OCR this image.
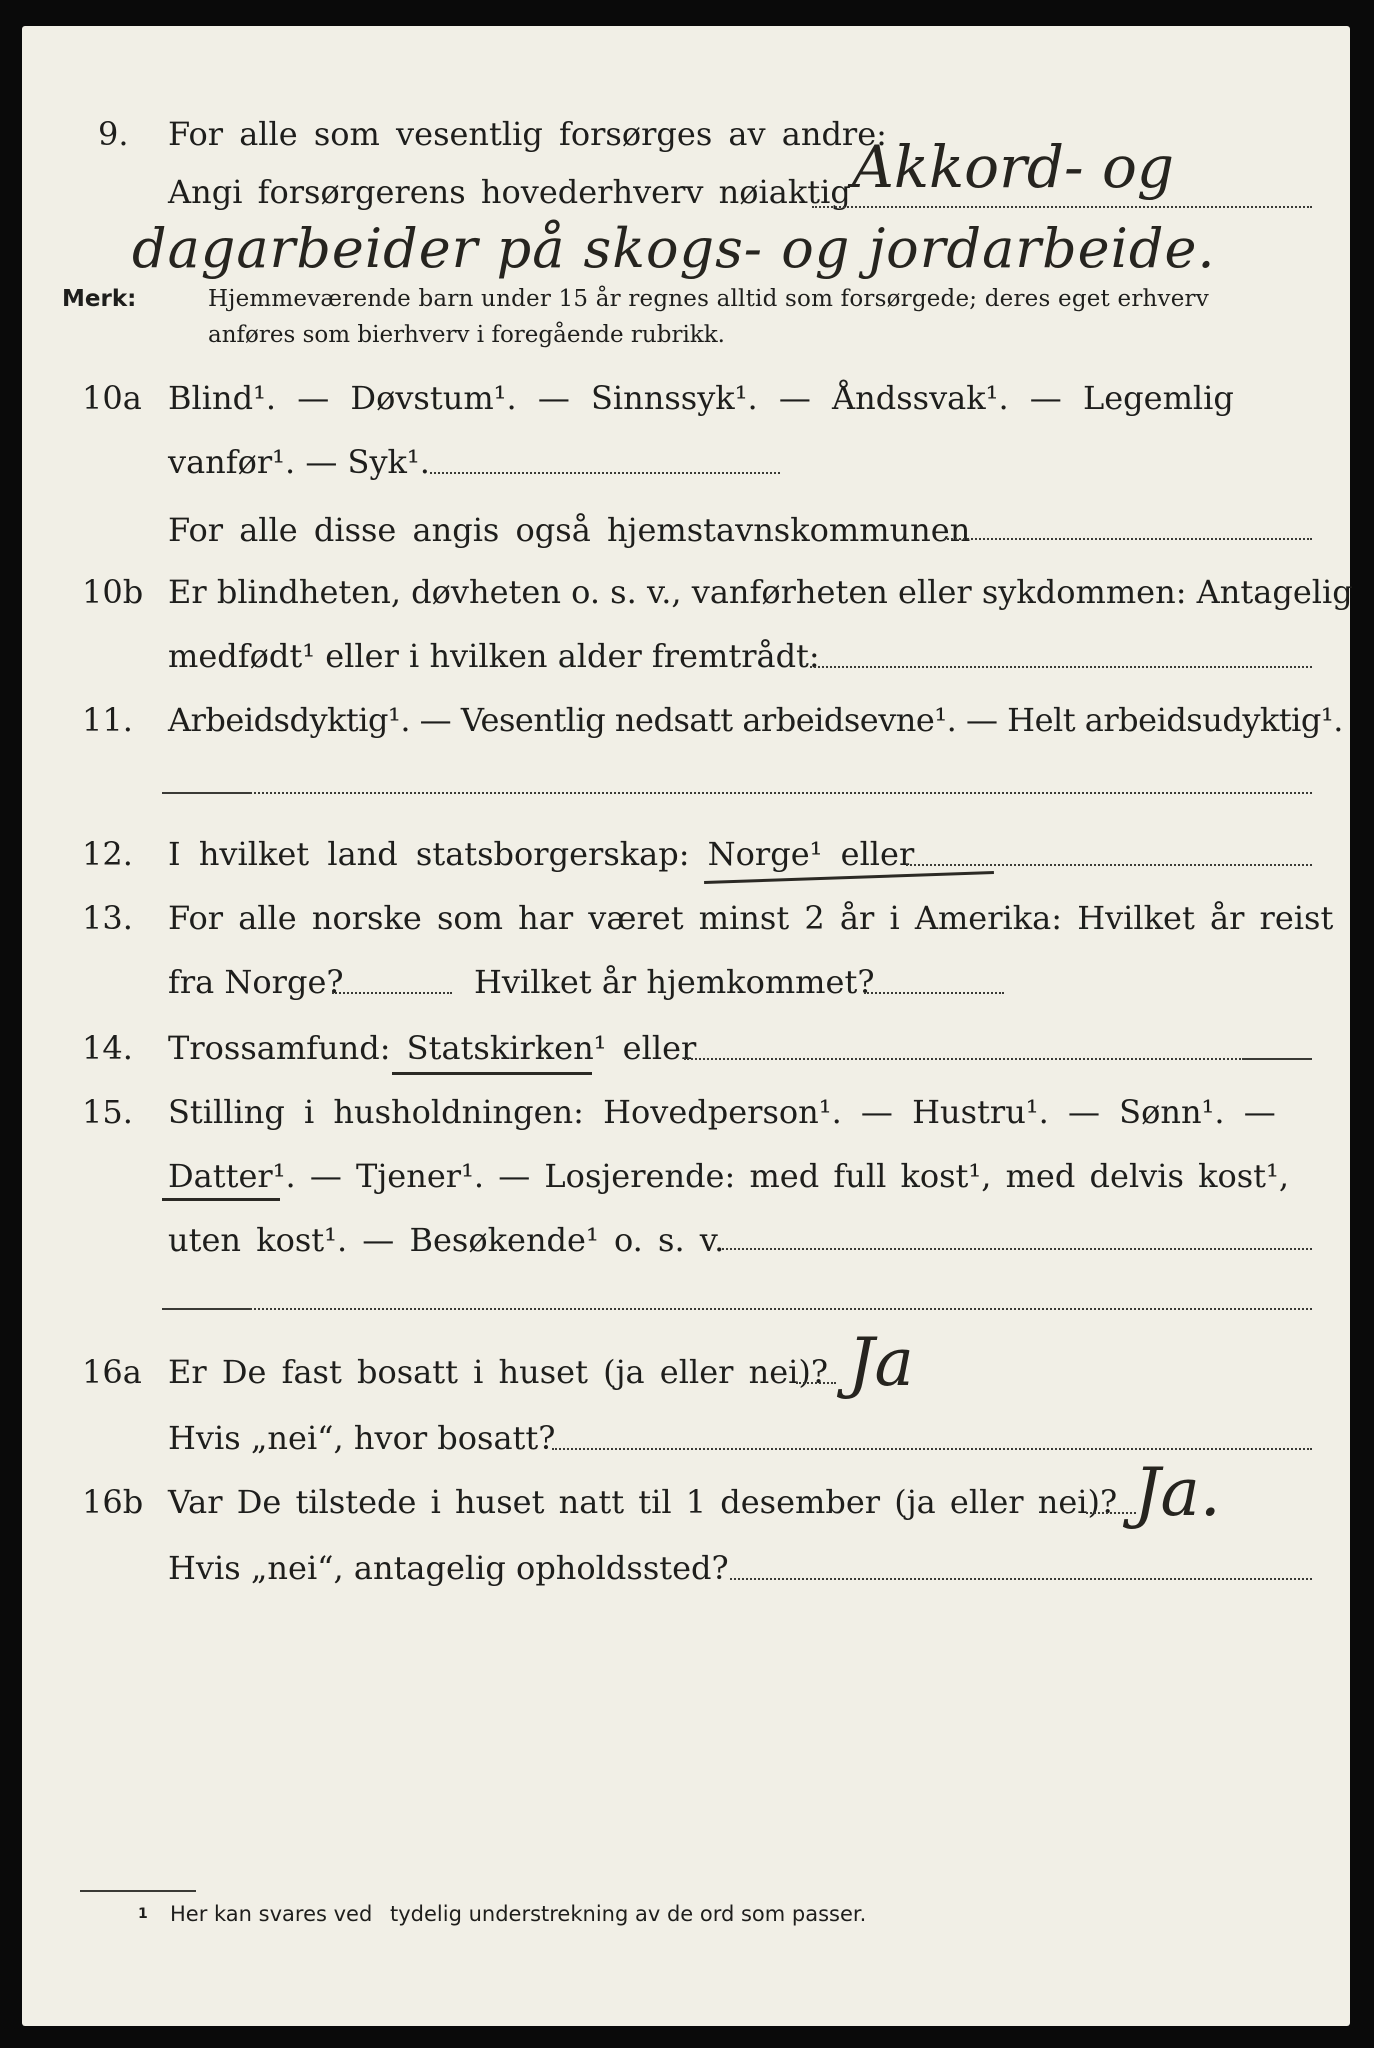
9. For alle som vesentlig forsørges av andre:
Angi forsørgerens hovederhverv nøiaktig Akkord- og
dagarbeider på skogs- og jordarbeide.
Merk:	Hjemmeværende barn under 15 år regnes alltid som forsørgede; deres eget erhverv
anføres som bierhverv i foregående rubrikk.
10a Blind¹. — Døvstum¹. — Sinnssyk¹. — Åndssvak¹. — Legemlig
vanfør¹. — Syk¹.
For alle disse angis også hjemstavnskommunen
10b Er blindheten, døvheten o. s. v., vanførheten eller sykdommen: Antagelig
medfødt¹ eller i hvilken alder fremtrådt:
11. Arbeidsdyktig¹. — Vesentlig nedsatt arbeidsevne¹. — Helt arbeidsudyktig¹.
12. I hvilket land statsborgerskap: Norge¹ eller
13. For alle norske som har været minst 2 år i Amerika: Hvilket år reist
fra Norge?	Hvilket år hjemkommet?
14. Trossamfund: Statskirken¹ eller
15. Stilling i husholdningen: Hovedperson¹. — Hustru¹. — Sønn¹. —
Datter¹. — Tjener¹. — Losjerende: med full kost¹, med delvis kost¹,
uten kost¹. — Besøkende¹ o. s. v.
16a Er De fast bosatt i huset (ja eller nei)? Ja
Hvis „nei“, hvor bosatt?
16b Var De tilstede i huset natt til 1 desember (ja eller nei)? Ja.
Hvis „nei“, antagelig opholdssted?
1 Her kan svares ved tydelig understrekning av de ord som passer.
